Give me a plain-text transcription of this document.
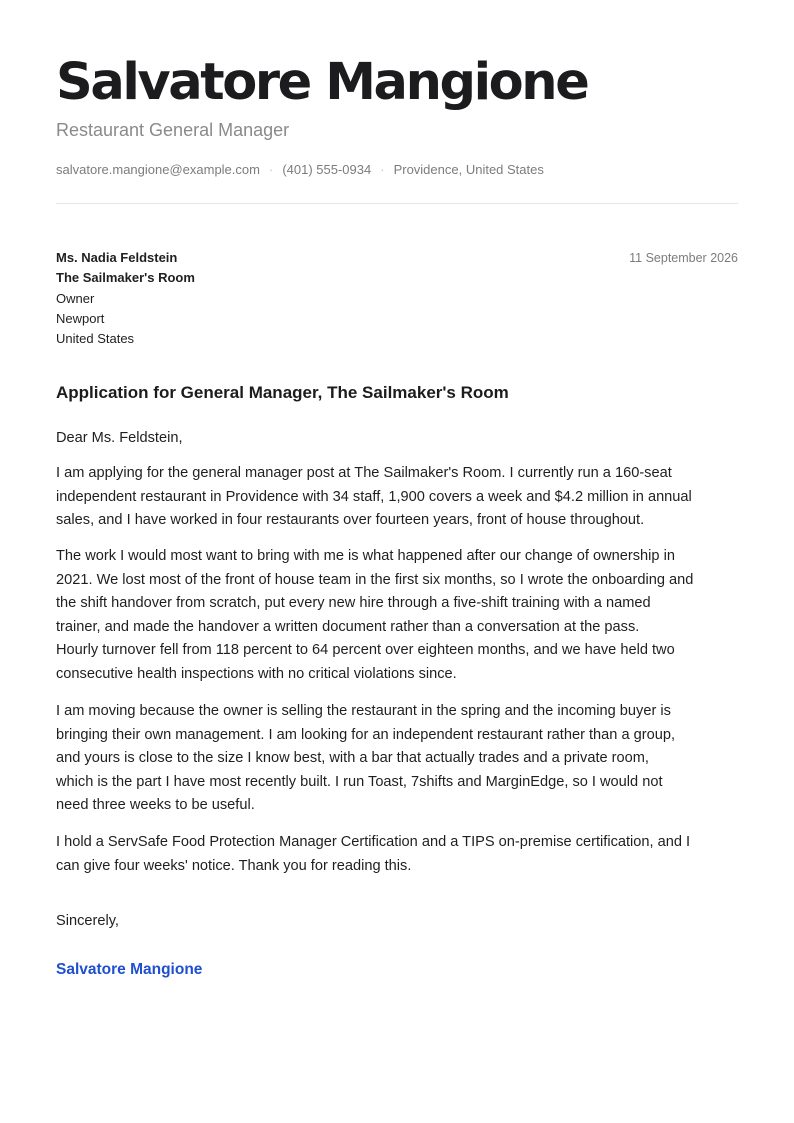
Salvatore Mangione
Restaurant General Manager
salvatore.mangione@example.com · (401) 555-0934 · Providence, United States
Ms. Nadia Feldstein
The Sailmaker's Room
Owner
Newport
United States
11 September 2026
Application for General Manager, The Sailmaker's Room
Dear Ms. Feldstein,

I am applying for the general manager post at The Sailmaker's Room. I currently run a 160-seat
independent restaurant in Providence with 34 staff, 1,900 covers a week and $4.2 million in annual
sales, and I have worked in four restaurants over fourteen years, front of house throughout.

The work I would most want to bring with me is what happened after our change of ownership in
2021. We lost most of the front of house team in the first six months, so I wrote the onboarding and
the shift handover from scratch, put every new hire through a five-shift training with a named
trainer, and made the handover a written document rather than a conversation at the pass.
Hourly turnover fell from 118 percent to 64 percent over eighteen months, and we have held two
consecutive health inspections with no critical violations since.

I am moving because the owner is selling the restaurant in the spring and the incoming buyer is
bringing their own management. I am looking for an independent restaurant rather than a group,
and yours is close to the size I know best, with a bar that actually trades and a private room,
which is the part I have most recently built. I run Toast, 7shifts and MarginEdge, so I would not
need three weeks to be useful.

I hold a ServSafe Food Protection Manager Certification and a TIPS on-premise certification, and I
can give four weeks' notice. Thank you for reading this.

Sincerely,
Salvatore Mangione
